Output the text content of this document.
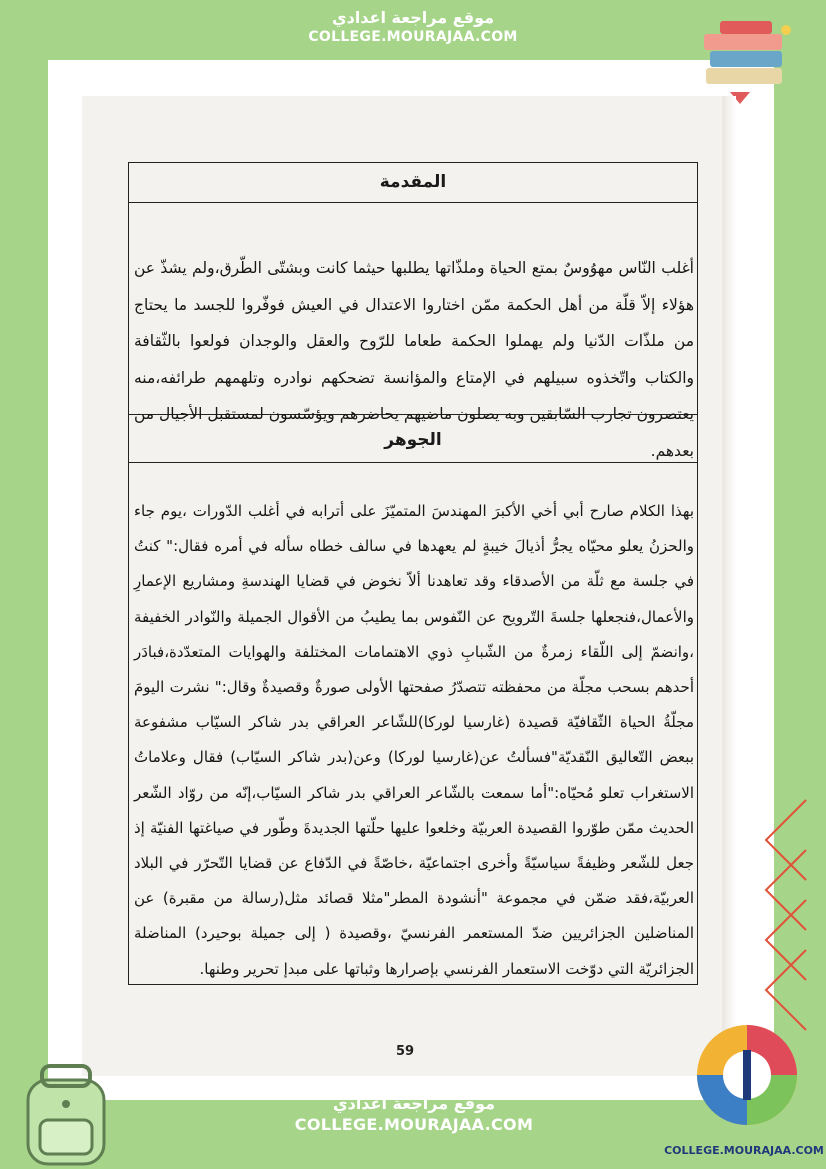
موقع مراجعة اعدادي
COLLEGE.MOURAJAA.COM
المقدمة
أغلب النّاس مهوُوسٌ بمتع الحياة وملذّاتها يطلبها حيثما كانت وبشتّى الطّرق،ولم يشذّ عن هؤلاء إلاّ قلّة من أهل الحكمة ممّن اختاروا الاعتدال في العيش فوفّروا للجسد ما يحتاج من ملذّات الدّنيا ولم يهملوا الحكمة طعاما للرّوح والعقل والوجدان فولعوا بالثّقافة والكتاب واتّخذوه سبيلهم في الإمتاع والمؤانسة تضحكهم نوادره وتلهمهم طرائفه،منه يعتصرون تجارب السّابقين وبه يصلون ماضيهم يحاضرهم ويؤسّسون لمستقبل الأجيال من بعدهم.
الجوهر
بهذا الكلام صارح أبي أخي الأكبرَ المهندسَ المتميّزَ على أترابه في أغلب الدّورات ،يوم جاء والحزنُ يعلو محيّاه يجرُّ أذيالَ خيبةٍ لم يعهدها في سالف خطاه سأله في أمره فقال:" كنتُ في جلسة مع ثلّة من الأصدقاء وقد تعاهدنا ألاّ نخوض في قضايا الهندسةِ ومشاريع الإعمارِ والأعمال،فنجعلها جلسةَ التّرويح عن النّفوس بما يطيبُ من الأقوال الجميلة والنّوادر الخفيفة ،وانضمّ إلى اللّقاء زمرةٌ من الشّبابِ ذوي الاهتمامات المختلفة والهوايات المتعدّدة،فبادَر أحدهم بسحب مجلّة من محفظته تتصدّرُ صفحتها الأولى صورةٌ وقصيدةٌ وقال:" نشرت اليومَ مجلّةُ الحياة الثّقافيّة قصيدة (غارسيا لوركا)للشّاعر العراقي بدر شاكر السيّاب مشفوعة ببعض التّعاليق النّقديّة"فسألتُ عن(غارسيا لوركا) وعن(بدر شاكر السيّاب) فقال وعلاماتُ الاستغراب تعلو مُحيّاه:"أما سمعت بالشّاعر العراقي بدر شاكر السيّاب،إنّه من روّاد الشّعر الحديث ممّن طوّروا القصيدة العربيّة وخلعوا عليها حلّتها الجديدةَ وطّور في صياغتها الفنيّة إذ جعل للشّعر وظيفةً سياسيّةً وأخرى اجتماعيّة ،خاصّةً في الدّفاع عن قضايا التّحرّر في البلاد العربيّة،فقد ضمّن في مجموعة "أنشودة المطر"مثلا قصائد مثل(رسالة من مقبرة) عن المناضلين الجزائريين ضدّ المستعمر الفرنسيّ ،وقصيدة ( إلى جميلة بوحيرد) المناضلة الجزائريّة التي دوّخت الاستعمار الفرنسي بإصرارها وثباتها على مبدإ تحرير وطنها.
59
موقع مراجعة اعدادي
COLLEGE.MOURAJAA.COM
COLLEGE.MOURAJAA.COM
